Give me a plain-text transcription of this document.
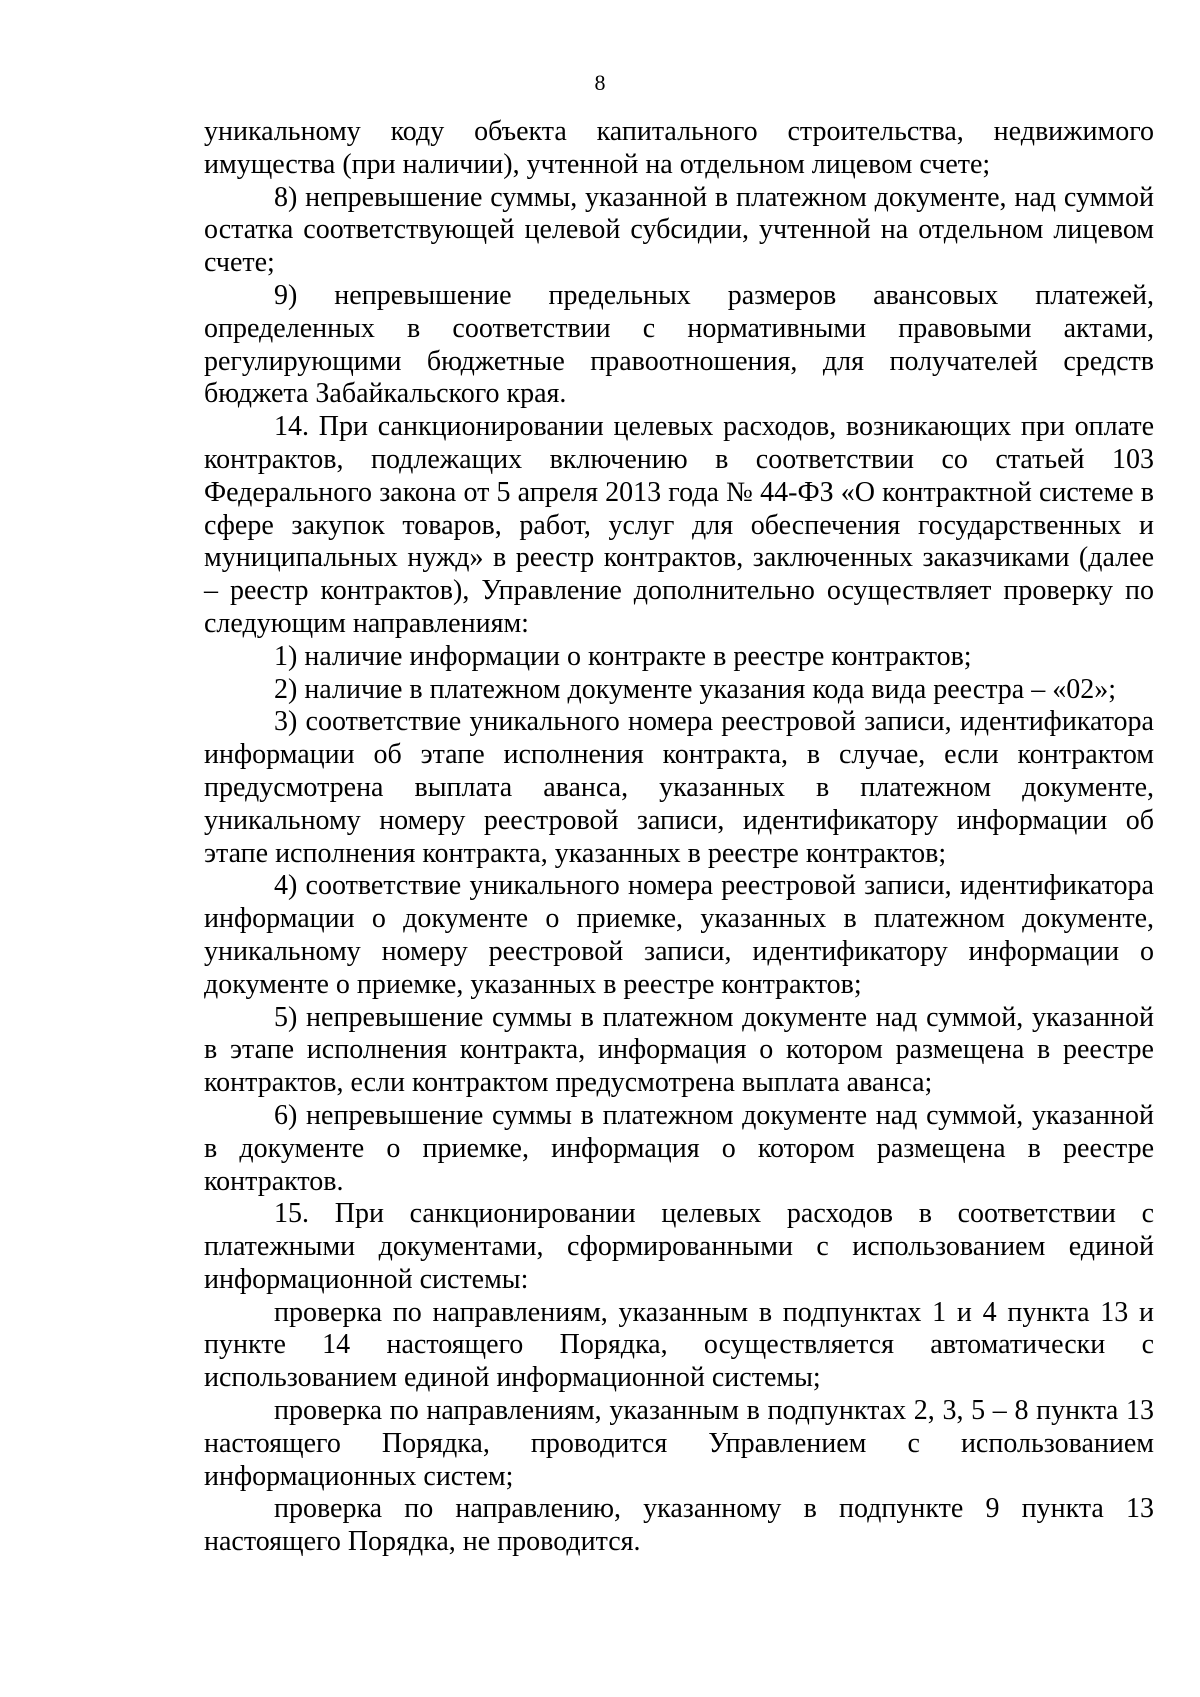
8

уникальному коду объекта капитального строительства, недвижимого имущества (при наличии), учтенной на отдельном лицевом счете;

8) непревышение суммы, указанной в платежном документе, над суммой остатка соответствующей целевой субсидии, учтенной на отдельном лицевом счете;

9) непревышение предельных размеров авансовых платежей, определенных в соответствии с нормативными правовыми актами, регулирующими бюджетные правоотношения, для получателей средств бюджета Забайкальского края.

14. При санкционировании целевых расходов, возникающих при оплате контрактов, подлежащих включению в соответствии со статьей 103 Федерального закона от 5 апреля 2013 года № 44-ФЗ «О контрактной системе в сфере закупок товаров, работ, услуг для обеспечения государственных и муниципальных нужд» в реестр контрактов, заключенных заказчиками (далее – реестр контрактов), Управление дополнительно осуществляет проверку по следующим направлениям:

1) наличие информации о контракте в реестре контрактов;

2) наличие в платежном документе указания кода вида реестра – «02»;

3) соответствие уникального номера реестровой записи, идентификатора информации об этапе исполнения контракта, в случае, если контрактом предусмотрена выплата аванса, указанных в платежном документе, уникальному номеру реестровой записи, идентификатору информации об этапе исполнения контракта, указанных в реестре контрактов;

4) соответствие уникального номера реестровой записи, идентификатора информации о документе о приемке, указанных в платежном документе, уникальному номеру реестровой записи, идентификатору информации о документе о приемке, указанных в реестре контрактов;

5) непревышение суммы в платежном документе над суммой, указанной в этапе исполнения контракта, информация о котором размещена в реестре контрактов, если контрактом предусмотрена выплата аванса;

6) непревышение суммы в платежном документе над суммой, указанной в документе о приемке, информация о котором размещена в реестре контрактов.

15. При санкционировании целевых расходов в соответствии с платежными документами, сформированными с использованием единой информационной системы:

проверка по направлениям, указанным в подпунктах 1 и 4 пункта 13 и пункте 14 настоящего Порядка, осуществляется автоматически с использованием единой информационной системы;

проверка по направлениям, указанным в подпунктах 2, 3, 5 – 8 пункта 13 настоящего Порядка, проводится Управлением с использованием информационных систем;

проверка по направлению, указанному в подпункте 9 пункта 13 настоящего Порядка, не проводится.
